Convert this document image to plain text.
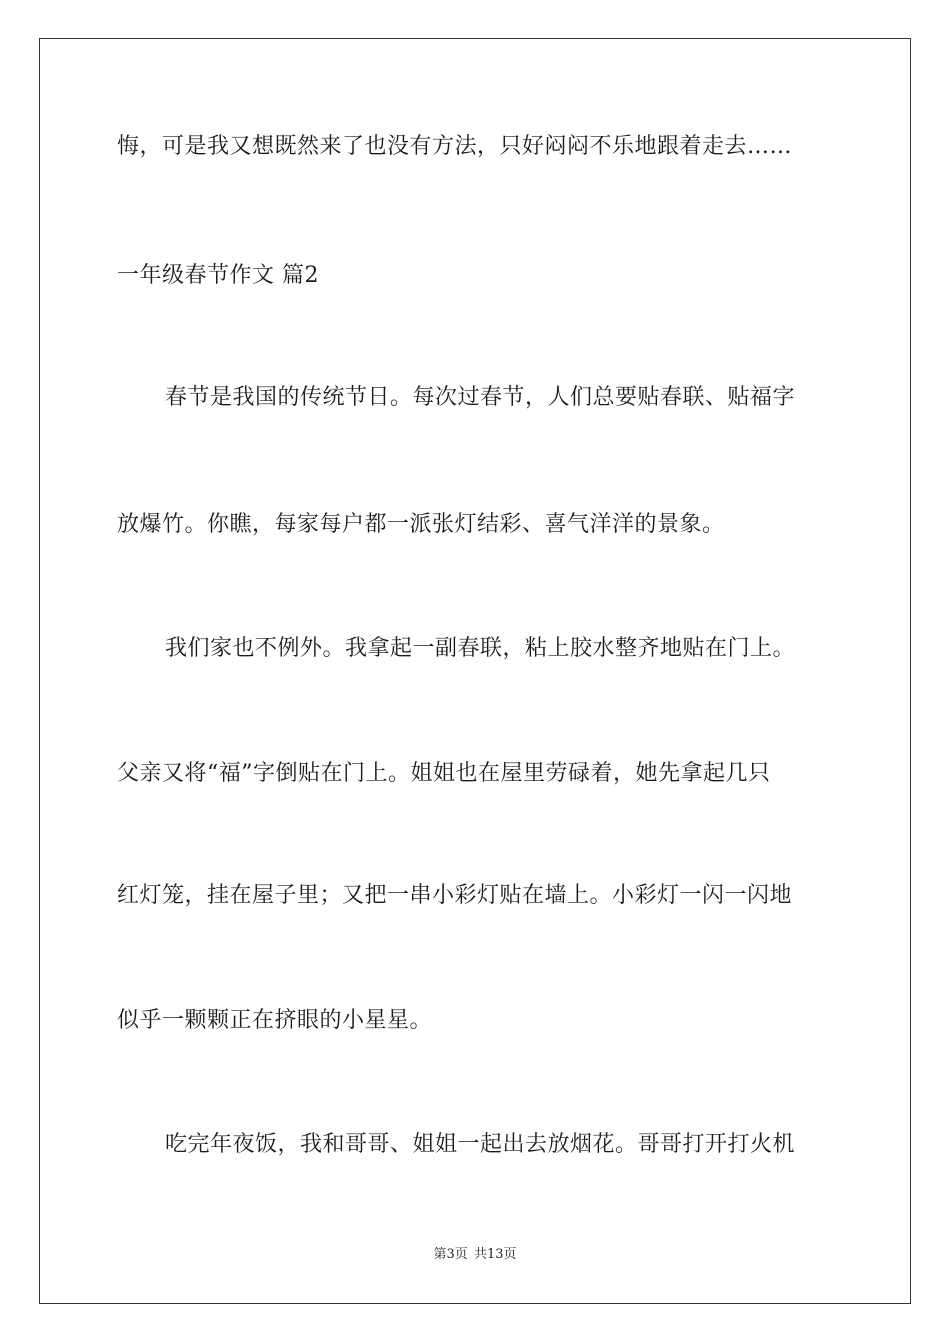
悔，可是我又想既然来了也没有方法，只好闷闷不乐地跟着走去……
一年级春节作文 篇2
春节是我国的传统节日。每次过春节，人们总要贴春联、贴福字
放爆竹。你瞧，每家每户都一派张灯结彩、喜气洋洋的景象。
我们家也不例外。我拿起一副春联，粘上胶水整齐地贴在门上。
父亲又将“福”字倒贴在门上。姐姐也在屋里劳碌着，她先拿起几只
红灯笼，挂在屋子里；又把一串小彩灯贴在墙上。小彩灯一闪一闪地
似乎一颗颗正在挤眼的小星星。
吃完年夜饭，我和哥哥、姐姐一起出去放烟花。哥哥打开打火机
第3页 共13页
